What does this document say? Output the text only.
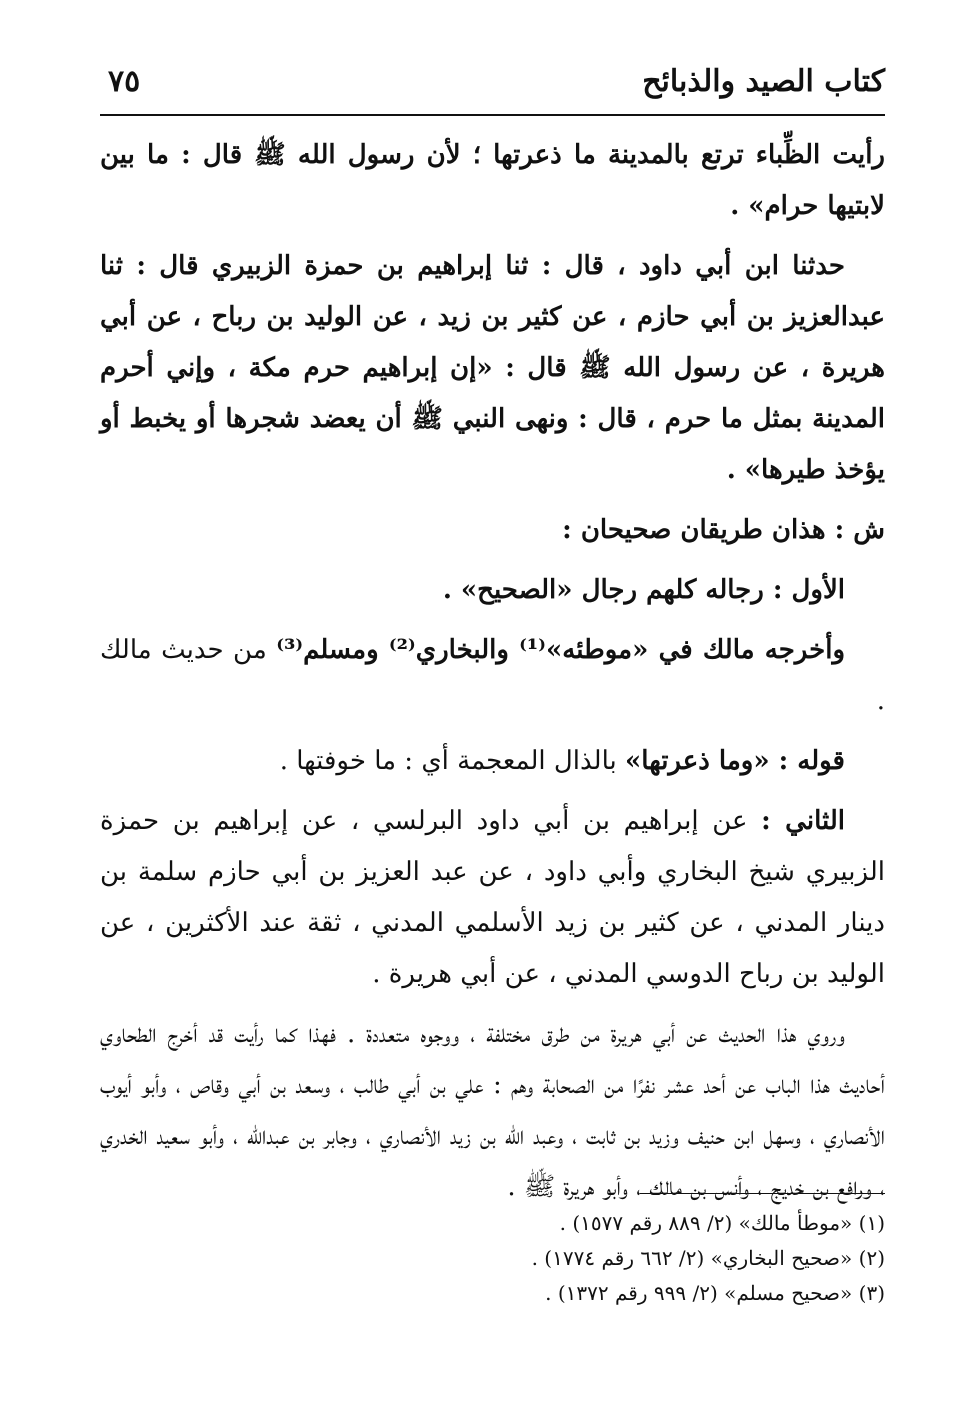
كتاب الصيد والذبائح
٧٥

رأيت الظِّباء ترتع بالمدينة ما ذعرتها ؛ لأن رسول الله ﷺ قال : ما بين لابتيها حرام» .

حدثنا ابن أبي داود ، قال : ثنا إبراهيم بن حمزة الزبيري قال : ثنا عبدالعزيز بن أبي حازم ، عن كثير بن زيد ، عن الوليد بن رباح ، عن أبي هريرة ، عن رسول الله ﷺ قال : «إن إبراهيم حرم مكة ، وإني أحرم المدينة بمثل ما حرم ، قال : ونهى النبي ﷺ أن يعضد شجرها أو يخبط أو يؤخذ طيرها» .

ش : هذان طريقان صحيحان :

الأول : رجاله كلهم رجال «الصحيح» .

وأخرجه مالك في «موطئه»⁽¹⁾ والبخاري⁽²⁾ ومسلم⁽³⁾ من حديث مالك .

قوله : «وما ذعرتها» بالذال المعجمة أي : ما خوفتها .

الثاني : عن إبراهيم بن أبي داود البرلسي ، عن إبراهيم بن حمزة الزبيري شيخ البخاري وأبي داود ، عن عبد العزيز بن أبي حازم سلمة بن دينار المدني ، عن كثير بن زيد الأسلمي المدني ، ثقة عند الأكثرين ، عن الوليد بن رباح الدوسي المدني ، عن أبي هريرة .

وروي هذا الحديث عن أبي هريرة من طرق مختلفة ، ووجوه متعددة . فهذا كما رأيت قد أخرج الطحاوي أحاديث هذا الباب عن أحد عشر نفرًا من الصحابة وهم : علي بن أبي طالب ، وسعد بن أبي وقاص ، وأبو أيوب الأنصاري ، وسهل ابن حنيف وزيد بن ثابت ، وعبد الله بن زيد الأنصاري ، وجابر بن عبدالله ، وأبو سعيد الخدري ، ورافع بن خديج ، وأنس بن مالك ، وأبو هريرة ﷺ .

(١) «موطأ مالك» (٢/ ٨٨٩ رقم ١٥٧٧) .

(٢) «صحيح البخاري» (٢/ ٦٦٢ رقم ١٧٧٤) .

(٣) «صحيح مسلم» (٢/ ٩٩٩ رقم ١٣٧٢) .
